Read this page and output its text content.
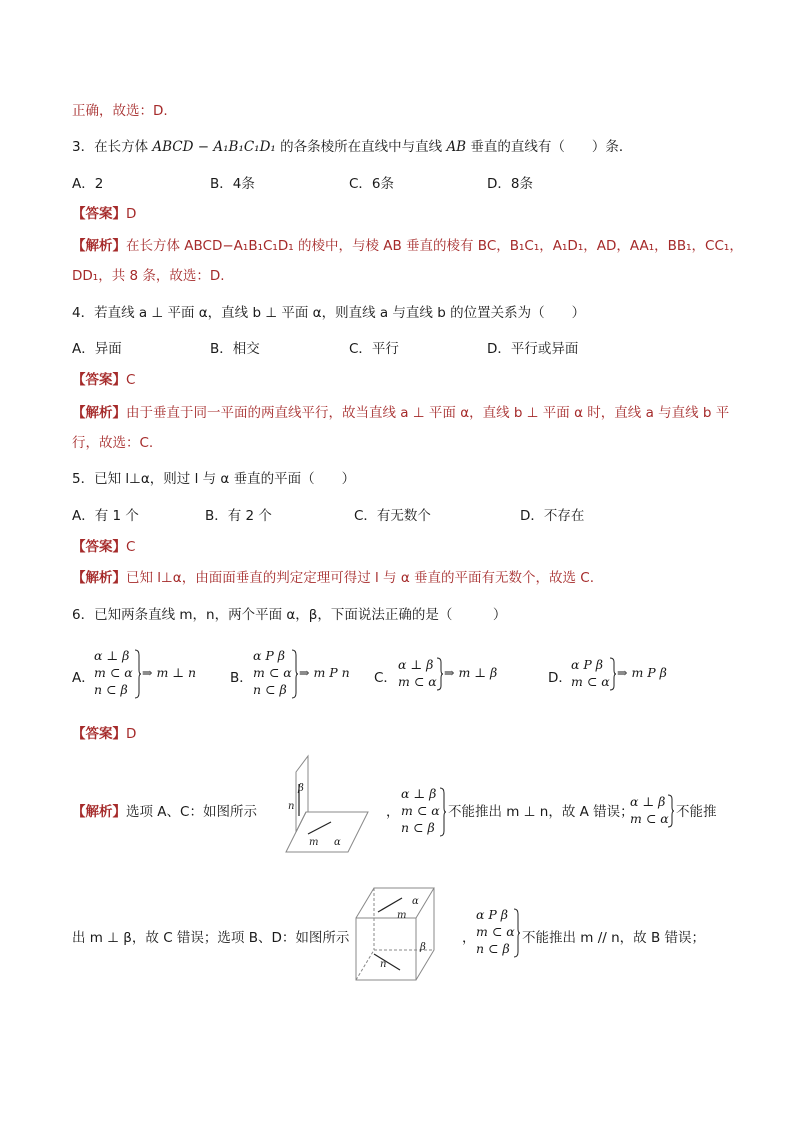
正确，故选：D.
3．在长方体 ABCD − A₁B₁C₁D₁ 的各条棱所在直线中与直线 AB 垂直的直线有（　　）条．
A．2	B．4条	C．6条	D．8条
【答案】D
【解析】在长方体 ABCD−A₁B₁C₁D₁ 的棱中，与棱 AB 垂直的棱有 BC，B₁C₁，A₁D₁，AD，AA₁，BB₁，CC₁，
DD₁，共 8 条，故选：D.
4．若直线 a ⊥ 平面 α，直线 b ⊥ 平面 α，则直线 a 与直线 b 的位置关系为（　　）
A．异面	B．相交	C．平行	D．平行或异面
【答案】C
【解析】由于垂直于同一平面的两直线平行，故当直线 a ⊥ 平面 α，直线 b ⊥ 平面 α 时，直线 a 与直线 b 平
行，故选：C.
5．已知 l⊥α，则过 l 与 α 垂直的平面（　　）
A．有 1 个	B．有 2 个	C．有无数个	D．不存在
【答案】C
【解析】已知 l⊥α，由面面垂直的判定定理可得过 l 与 α 垂直的平面有无数个，故选 C.
6．已知两条直线 m，n，两个平面 α，β，下面说法正确的是（　　　）
A．
α ⊥ β
m ⊂ α
n ⊂ β
⇒ m ⊥ n	B．
α P β
m ⊂ α
n ⊂ β
⇒ m P n C．
α ⊥ β
m ⊂ α
⇒ m ⊥ β	D．
α P β
m ⊂ α
⇒ m P β
【答案】D
【解析】选项 A、C：如图所示
β
n
m α
，
α ⊥ β
m ⊂ α
n ⊂ β
不能推出 m ⊥ n，故 A 错误；
α ⊥ β
m ⊂ α 不能推
出 m ⊥ β，故 C 错误；选项 B、D：如图所示
α
m
β
n
，
α P β
m ⊂ α
n ⊂ β
不能推出 m // n，故 B 错误；
